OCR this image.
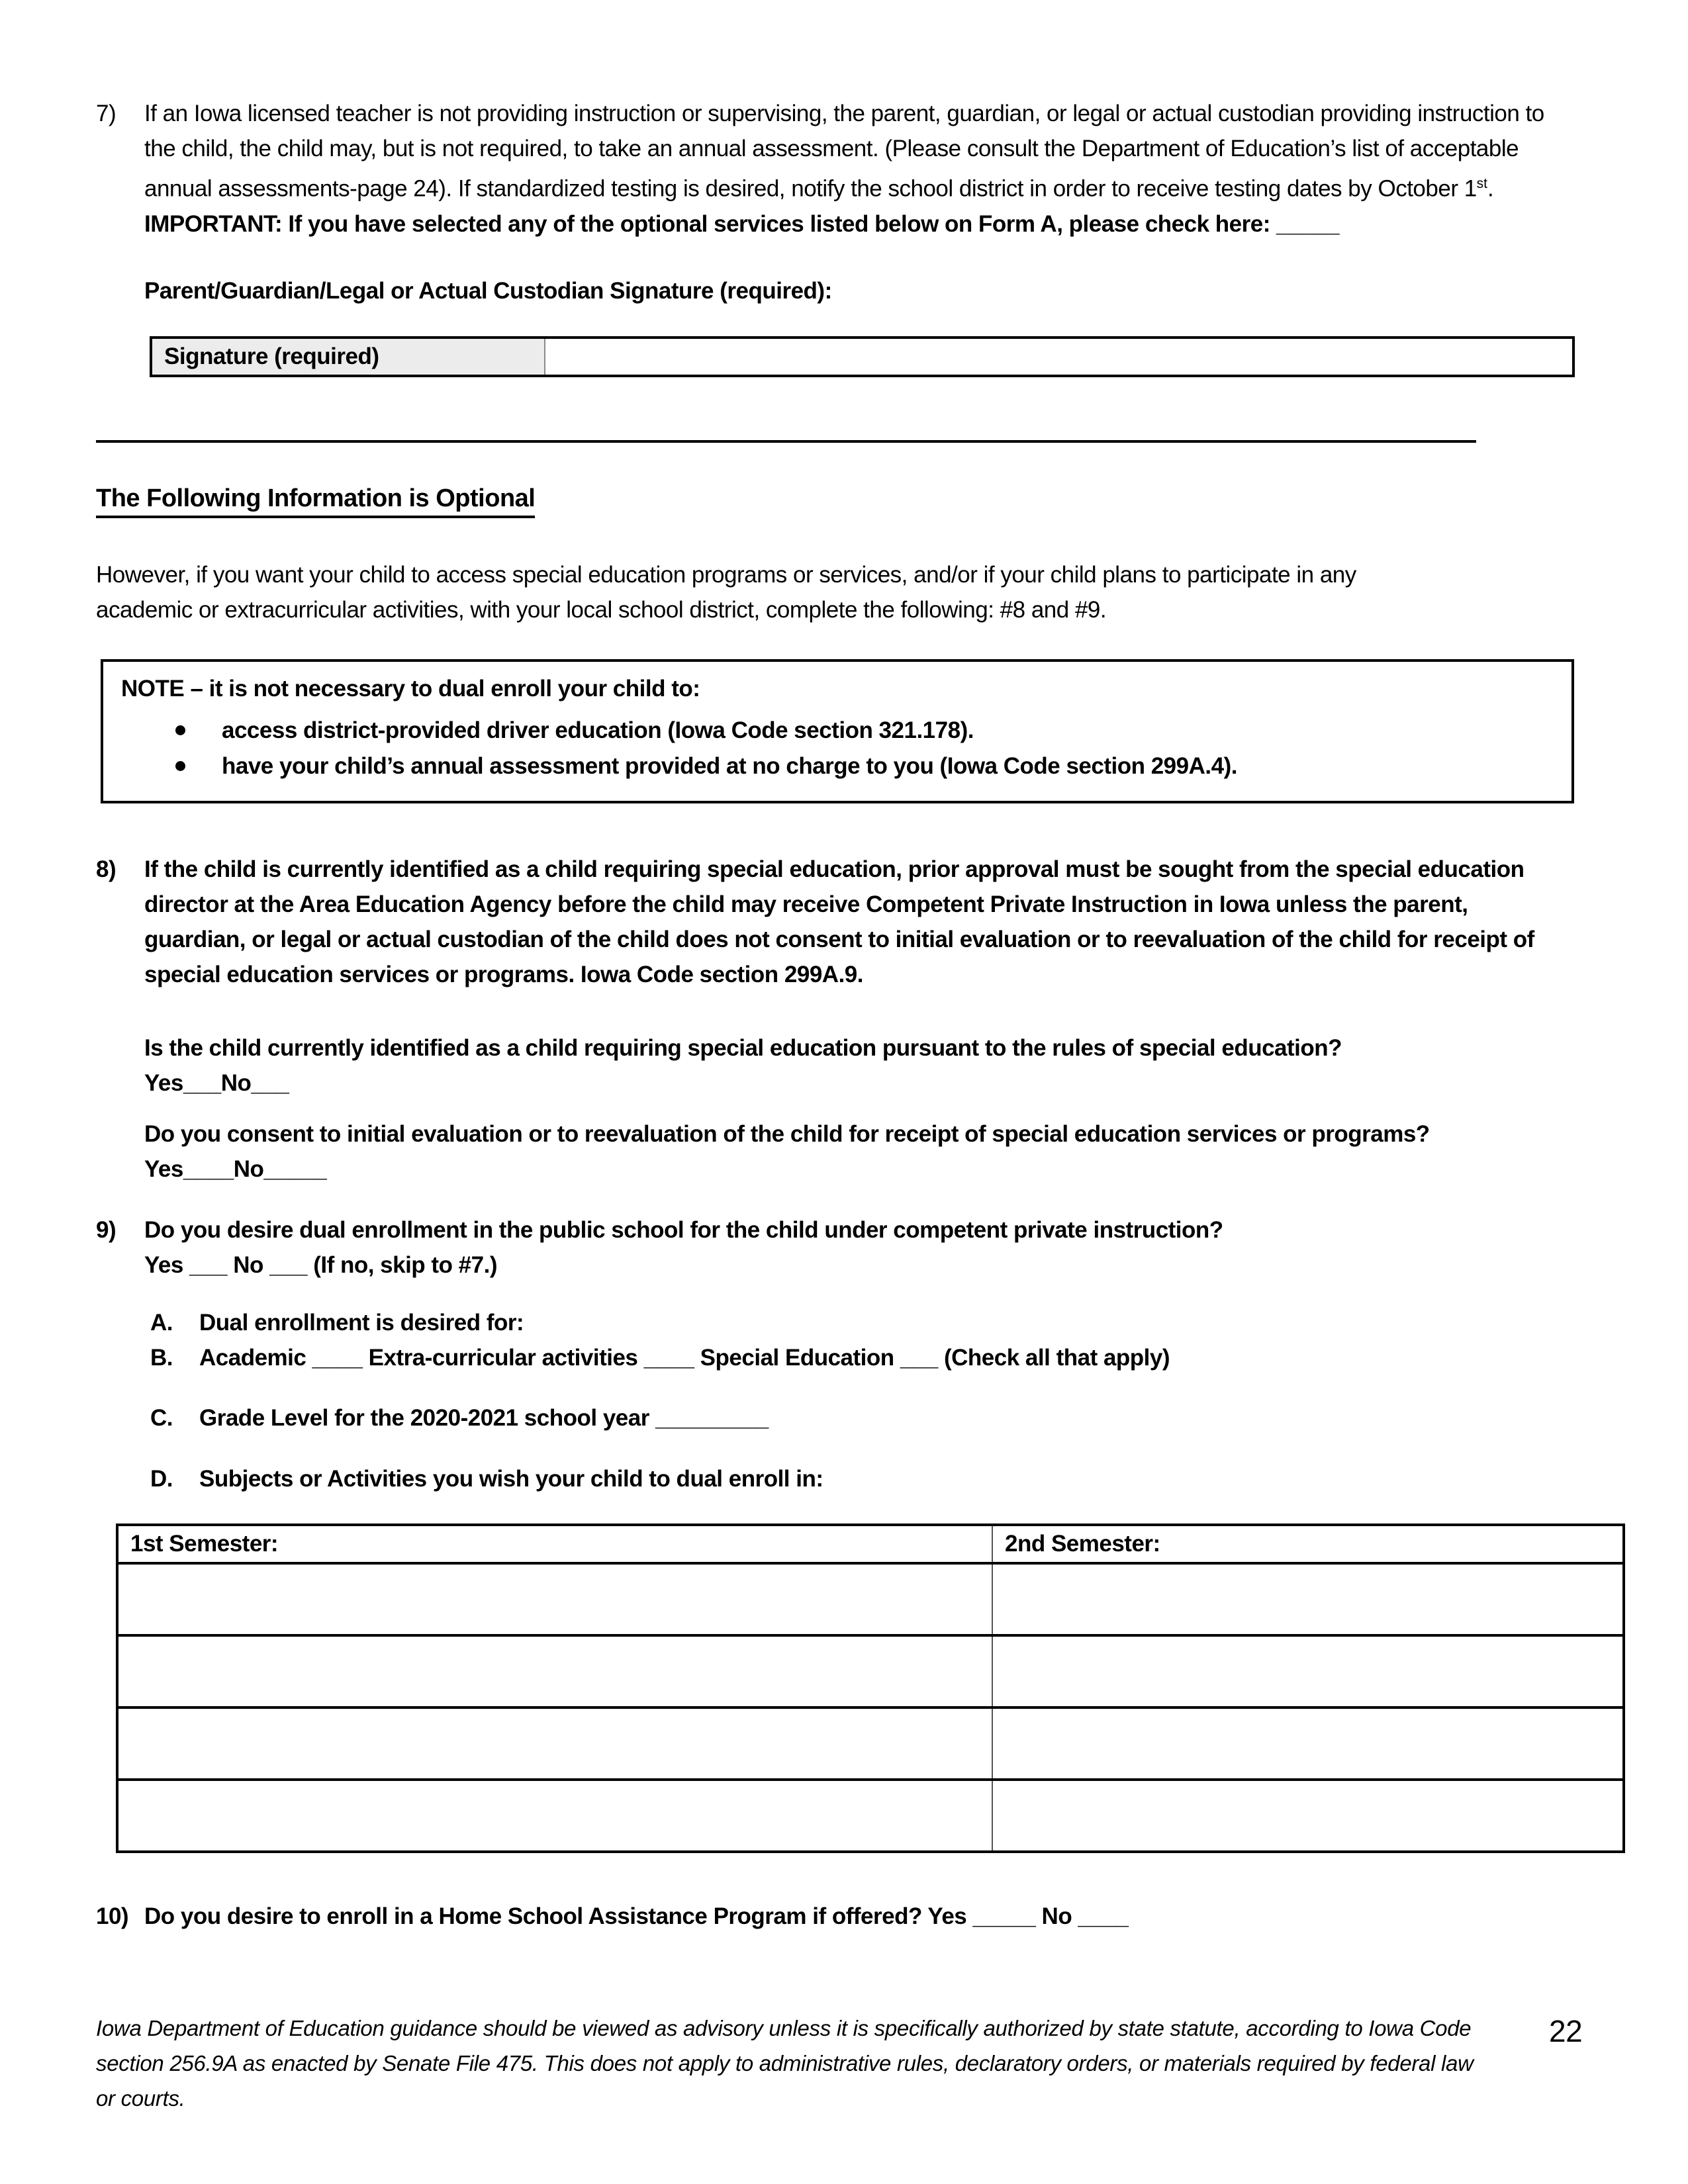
7)	If an Iowa licensed teacher is not providing instruction or supervising, the parent, guardian, or legal or actual custodian providing instruction to
the child, the child may, but is not required, to take an annual assessment. (Please consult the Department of Education’s list of acceptable
annual assessments-page 24). If standardized testing is desired, notify the school district in order to receive testing dates by October 1st.
IMPORTANT: If you have selected any of the optional services listed below on Form A, please check here: _____
Parent/Guardian/Legal or Actual Custodian Signature (required):
Signature (required)
The Following Information is Optional
However, if you want your child to access special education programs or services, and/or if your child plans to participate in any
academic or extracurricular activities, with your local school district, complete the following: #8 and #9.
NOTE – it is not necessary to dual enroll your child to:
access district-provided driver education (Iowa Code section 321.178).
have your child’s annual assessment provided at no charge to you (Iowa Code section 299A.4).
8)	If the child is currently identified as a child requiring special education, prior approval must be sought from the special education
director at the Area Education Agency before the child may receive Competent Private Instruction in Iowa unless the parent,
guardian, or legal or actual custodian of the child does not consent to initial evaluation or to reevaluation of the child for receipt of
special education services or programs. Iowa Code section 299A.9.
Is the child currently identified as a child requiring special education pursuant to the rules of special education?
Yes___No___
Do you consent to initial evaluation or to reevaluation of the child for receipt of special education services or programs?
Yes____No_____
9)	Do you desire dual enrollment in the public school for the child under competent private instruction?
Yes ___ No ___ (If no, skip to #7.)
A.	Dual enrollment is desired for:
B.	Academic ____ Extra-curricular activities ____ Special Education ___ (Check all that apply)
C.	Grade Level for the 2020-2021 school year _________
D.	Subjects or Activities you wish your child to dual enroll in:
1st Semester:	2nd Semester:

10) Do you desire to enroll in a Home School Assistance Program if offered? Yes _____ No ____
Iowa Department of Education guidance should be viewed as advisory unless it is specifically authorized by state statute, according to Iowa Code
section 256.9A as enacted by Senate File 475. This does not apply to administrative rules, declaratory orders, or materials required by federal law
or courts.
22
